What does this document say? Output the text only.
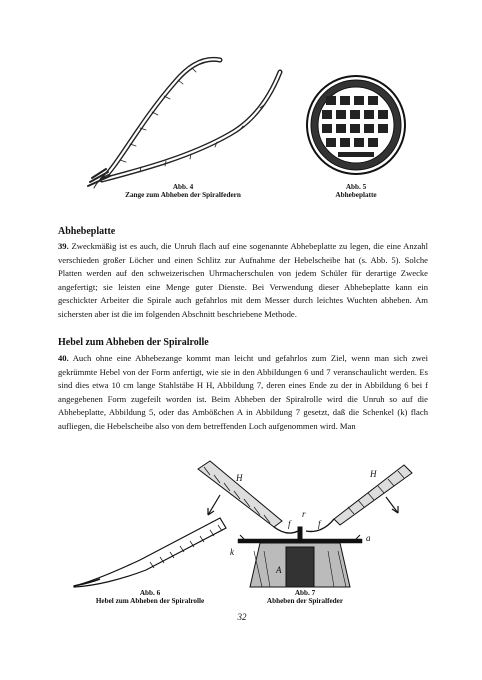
Abb. 4
Zange zum Abheben der Spiralfedern
Abb. 5
Abhebeplatte
Abhebeplatte
39. Zweckmäßig ist es auch, die Unruh flach auf eine sogenannte Abhebeplatte zu legen, die eine Anzahl verschieden großer Löcher und einen Schlitz zur Aufnahme der Hebelscheibe hat (s. Abb. 5). Solche Platten werden auf den schweizerischen Uhrmacherschulen von jedem Schüler für derartige Zwecke angefertigt; sie leisten eine Menge guter Dienste. Bei Verwendung dieser Abhebeplatte kann ein geschickter Arbeiter die Spirale auch gefahrlos mit dem Messer durch leichtes Wuchten abheben. Am sichersten aber ist die im folgenden Abschnitt beschriebene Methode.
Hebel zum Abheben der Spiralrolle
40. Auch ohne eine Abhebezange kommt man leicht und gefahrlos zum Ziel, wenn man sich zwei gekrümmte Hebel von der Form anfertigt, wie sie in den Abbildungen 6 und 7 veranschaulicht werden. Es sind dies etwa 10 cm lange Stahlstäbe H H, Abbildung 7, deren eines Ende zu der in Abbildung 6 bei f angegebenen Form zugefeilt worden ist. Beim Abheben der Spiralrolle wird die Unruh so auf die Abhebeplatte, Abbildung 5, oder das Ambößchen A in Abbildung 7 gesetzt, daß die Schenkel (k) flach aufliegen, die Hebelscheibe also von dem betreffenden Loch aufgenommen wird. Man
H	H
f	f
r
a
k
A
Abb. 6
Hebel zum Abheben der Spiralrolle
Abb. 7
Abheben der Spiralfeder
32
